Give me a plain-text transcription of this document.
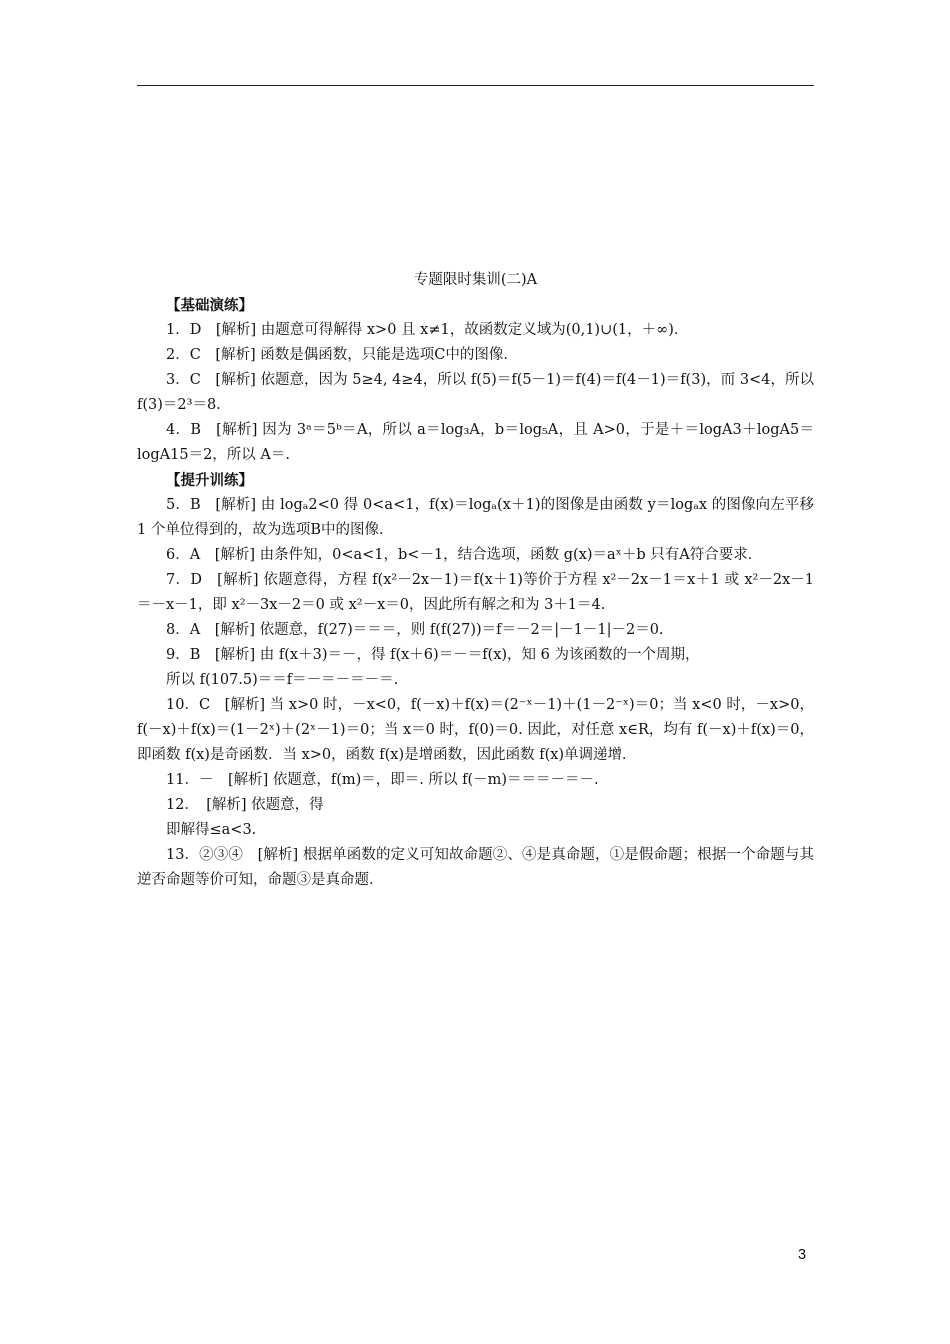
专题限时集训(二)A
【基础演练】
1．D　[解析] 由题意可得解得 x>0 且 x≠1，故函数定义域为(0,1)∪(1，＋∞)．
2．C　[解析] 函数是偶函数，只能是选项C中的图像．
3．C　[解析] 依题意，因为 5≥4, 4≥4，所以 f(5)＝f(5－1)＝f(4)＝f(4－1)＝f(3)，而 3<4，所以 f(3)＝2³＝8.
4．B　[解析] 因为 3ᵃ＝5ᵇ＝A，所以 a＝log₃A，b＝log₅A，且 A>0，于是＋＝logA3＋logA5＝logA15＝2，所以 A＝.
【提升训练】
5．B　[解析] 由 logₐ2<0 得 0<a<1，f(x)＝logₐ(x＋1)的图像是由函数 y＝logₐx 的图像向左平移 1 个单位得到的，故为选项B中的图像．
6．A　[解析] 由条件知，0<a<1，b<－1，结合选项，函数 g(x)＝aˣ＋b 只有A符合要求．
7．D　[解析] 依题意得，方程 f(x²－2x－1)＝f(x＋1)等价于方程 x²－2x－1＝x＋1 或 x²－2x－1＝－x－1，即 x²－3x－2＝0 或 x²－x＝0，因此所有解之和为 3＋1＝4.
8．A　[解析] 依题意，f(27)＝＝＝，则 f(f(27))＝f＝－2＝|－1－1|－2＝0.
9．B　[解析] 由 f(x＋3)＝－，得 f(x＋6)＝－＝f(x)，知 6 为该函数的一个周期，
所以 f(107.5)＝＝f＝－＝－＝－＝.
10．C　[解析] 当 x>0 时，－x<0，f(－x)＋f(x)＝(2⁻ˣ－1)＋(1－2⁻ˣ)＝0；当 x<0 时，－x>0，f(－x)＋f(x)＝(1－2ˣ)＋(2ˣ－1)＝0；当 x＝0 时，f(0)＝0. 因此，对任意 x∈R，均有 f(－x)＋f(x)＝0，即函数 f(x)是奇函数．当 x>0，函数 f(x)是增函数，因此函数 f(x)单调递增．
11．－　[解析] 依题意，f(m)＝，即＝. 所以 f(－m)＝＝＝－＝－.
12．　[解析] 依题意，得
即解得≤a<3.
13．②③④　[解析] 根据单函数的定义可知故命题②、④是真命题，①是假命题；根据一个命题与其逆否命题等价可知，命题③是真命题．
3
